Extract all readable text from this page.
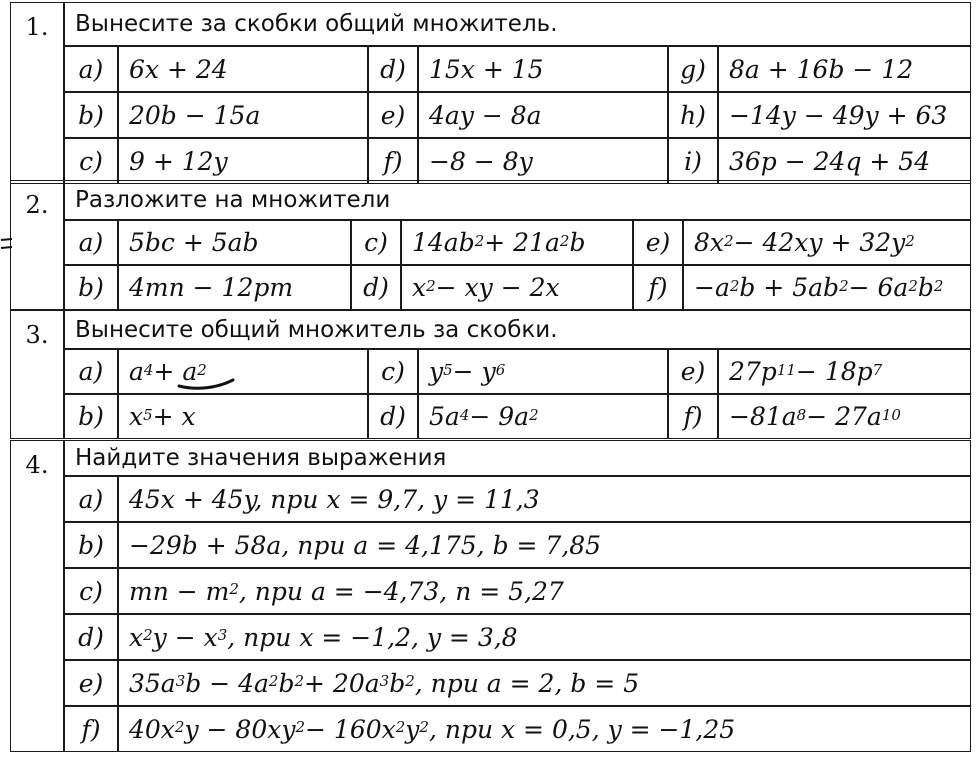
1.	Вынесите за скобки общий множитель.
a)	6x + 24	d) 15x + 15	g) 8a + 16b − 12
b)	20b − 15a	e) 4ay − 8a	h) −14y − 49y + 63
c)	9 + 12y	f)	−8 − 8y	i)	36p − 24q + 54
2.	Разложите на множители
a)	5bc + 5ab	c) $14ab^2 + 21a^2$ b	e) $8x^2 - 42xy + 32y^2$
b)	4mn − 12pm	d) $x^2$ − xy − 2x	f)	$-a^2$ $b + 5ab^2 - 6a^2$ $b^2$
3.	Вынесите общий множитель за скобки.
a)	$a^4 + a^2$	c) $y^5 - y^6$	e) $27p^{11} - 18p^7$
b)	$x^5 + x$	d) $5a^4 - 9a^2$	f)	$-81a^8 - 27a^{10}$
4.	Найдите значения выражения
a)	45x + 45y, при x = 9,7, y = 11,3
b)	−29b + 58a, при a = 4,175, b = 7,85
c)	mn − $m^2$ , при a = −4,73, n = 5,27
d)	$x^2$ $y - x^3$ , при x = −1,2, y = 3,8
e)	$35a^3$ $b - 4a^2$ $b^2 + 20a^3$ $b^2$ , при a = 2, b = 5
f)	$40x^2$ $y - 80xy^2 - 160x^2$ $y^2$ , при x = 0,5, y = −1,25
